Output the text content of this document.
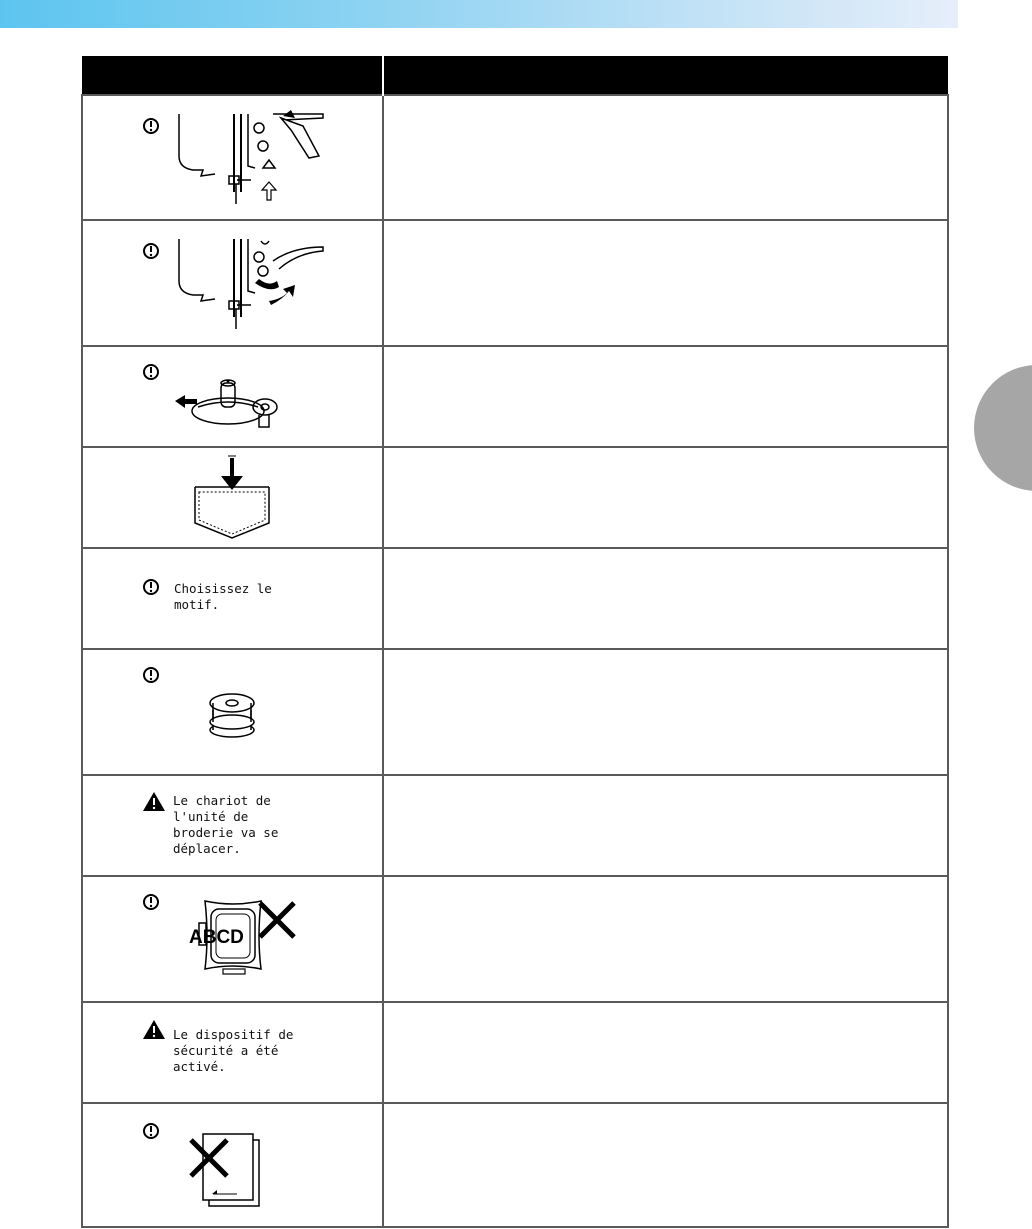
Choisissez le
motif.	

Le chariot de
l'unité de
broderie va se
déplacer.	

ABCD	

Le dispositif de
sécurité a été
activé.	
